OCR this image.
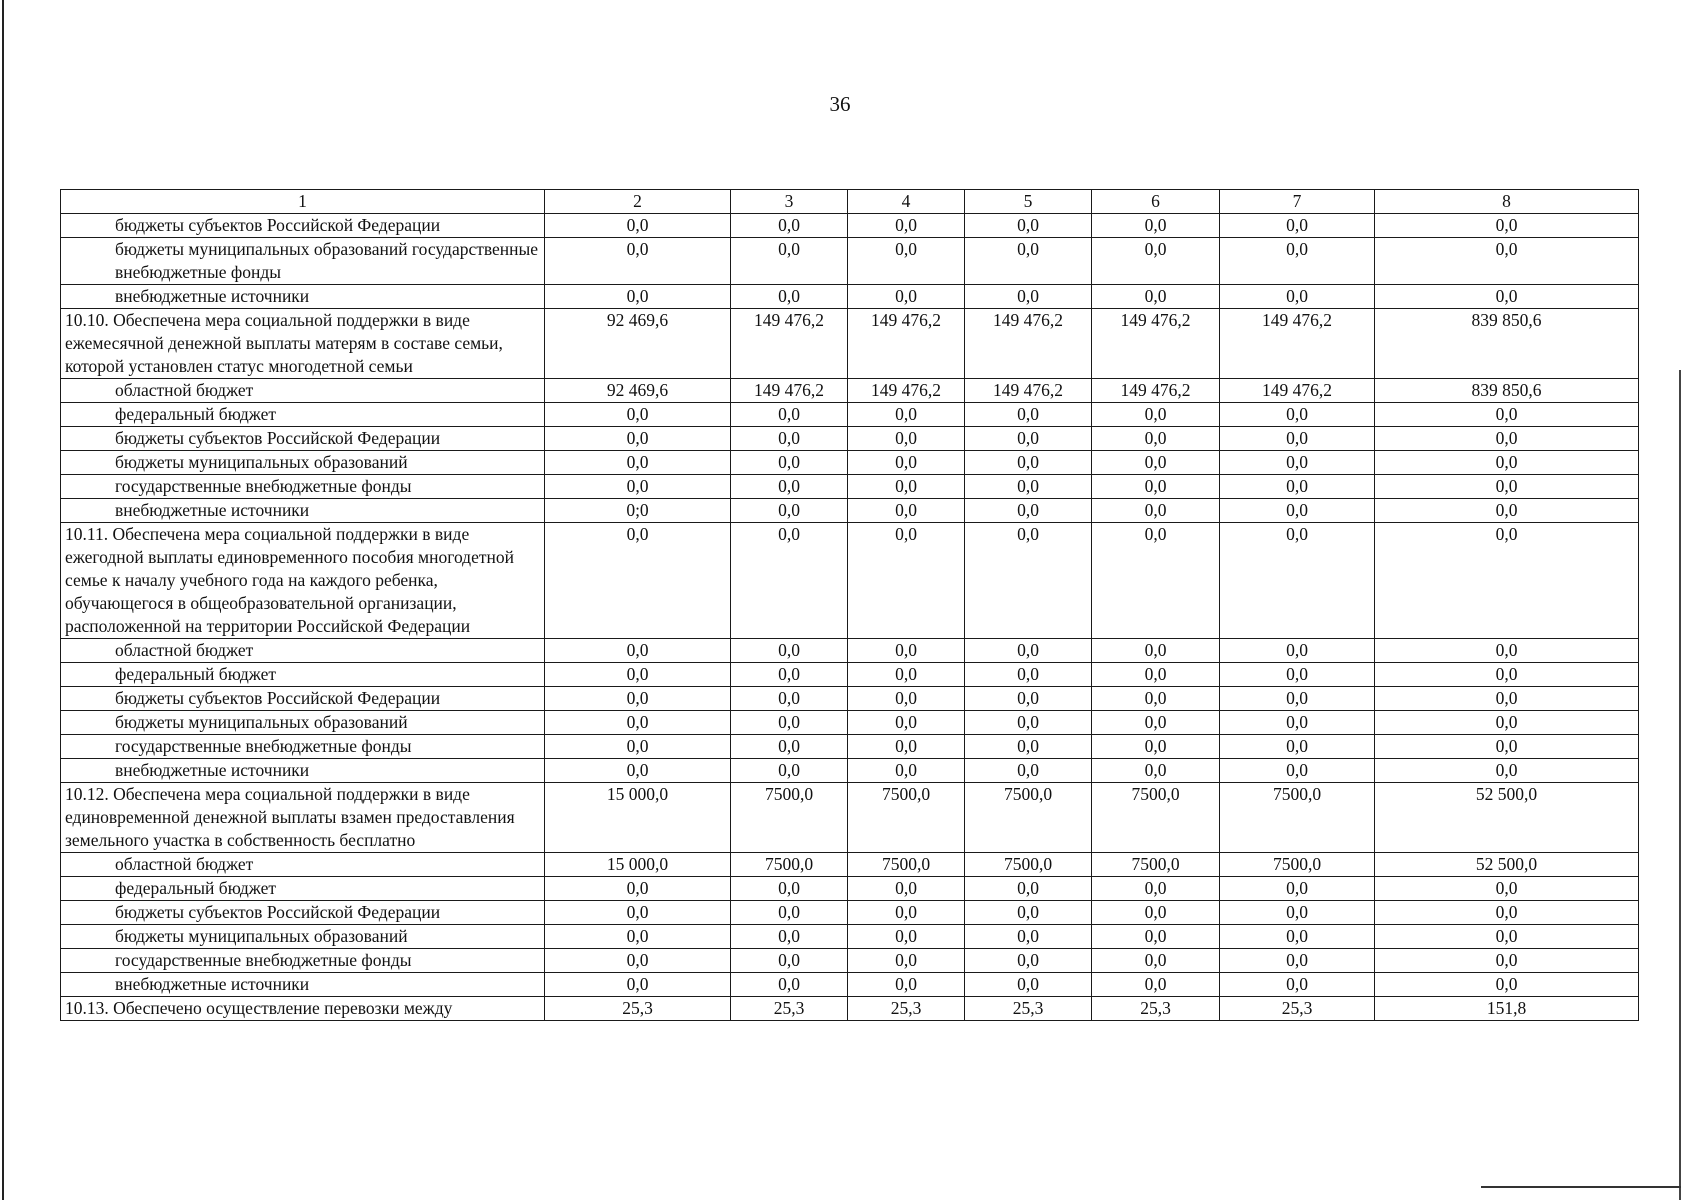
36
1	2	3	4	5	6	7	8
бюджеты субъектов Российской Федерации	0,0	0,0	0,0	0,0	0,0	0,0	0,0
бюджеты муниципальных образований государственные внебюджетные фонды	0,0	0,0	0,0	0,0	0,0	0,0	0,0
внебюджетные источники	0,0	0,0	0,0	0,0	0,0	0,0	0,0
10.10. Обеспечена мера социальной поддержки в виде ежемесячной денежной выплаты матерям в составе семьи, которой установлен статус многодетной семьи	92 469,6	149 476,2	149 476,2	149 476,2	149 476,2	149 476,2	839 850,6
областной бюджет	92 469,6	149 476,2	149 476,2	149 476,2	149 476,2	149 476,2	839 850,6
федеральный бюджет	0,0	0,0	0,0	0,0	0,0	0,0	0,0
бюджеты субъектов Российской Федерации	0,0	0,0	0,0	0,0	0,0	0,0	0,0
бюджеты муниципальных образований	0,0	0,0	0,0	0,0	0,0	0,0	0,0
государственные внебюджетные фонды	0,0	0,0	0,0	0,0	0,0	0,0	0,0
внебюджетные источники	0;0	0,0	0,0	0,0	0,0	0,0	0,0
10.11. Обеспечена мера социальной поддержки в виде ежегодной выплаты единовременного пособия многодетной семье к началу учебного года на каждого ребенка, обучающегося в общеобразовательной организации, расположенной на территории Российской Федерации	0,0	0,0	0,0	0,0	0,0	0,0	0,0
областной бюджет	0,0	0,0	0,0	0,0	0,0	0,0	0,0
федеральный бюджет	0,0	0,0	0,0	0,0	0,0	0,0	0,0
бюджеты субъектов Российской Федерации	0,0	0,0	0,0	0,0	0,0	0,0	0,0
бюджеты муниципальных образований	0,0	0,0	0,0	0,0	0,0	0,0	0,0
государственные внебюджетные фонды	0,0	0,0	0,0	0,0	0,0	0,0	0,0
внебюджетные источники	0,0	0,0	0,0	0,0	0,0	0,0	0,0
10.12. Обеспечена мера социальной поддержки в виде единовременной денежной выплаты взамен предоставления земельного участка в собственность бесплатно	15 000,0	7500,0	7500,0	7500,0	7500,0	7500,0	52 500,0
областной бюджет	15 000,0	7500,0	7500,0	7500,0	7500,0	7500,0	52 500,0
федеральный бюджет	0,0	0,0	0,0	0,0	0,0	0,0	0,0
бюджеты субъектов Российской Федерации	0,0	0,0	0,0	0,0	0,0	0,0	0,0
бюджеты муниципальных образований	0,0	0,0	0,0	0,0	0,0	0,0	0,0
государственные внебюджетные фонды	0,0	0,0	0,0	0,0	0,0	0,0	0,0
внебюджетные источники	0,0	0,0	0,0	0,0	0,0	0,0	0,0
10.13. Обеспечено осуществление перевозки между	25,3	25,3	25,3	25,3	25,3	25,3	151,8
